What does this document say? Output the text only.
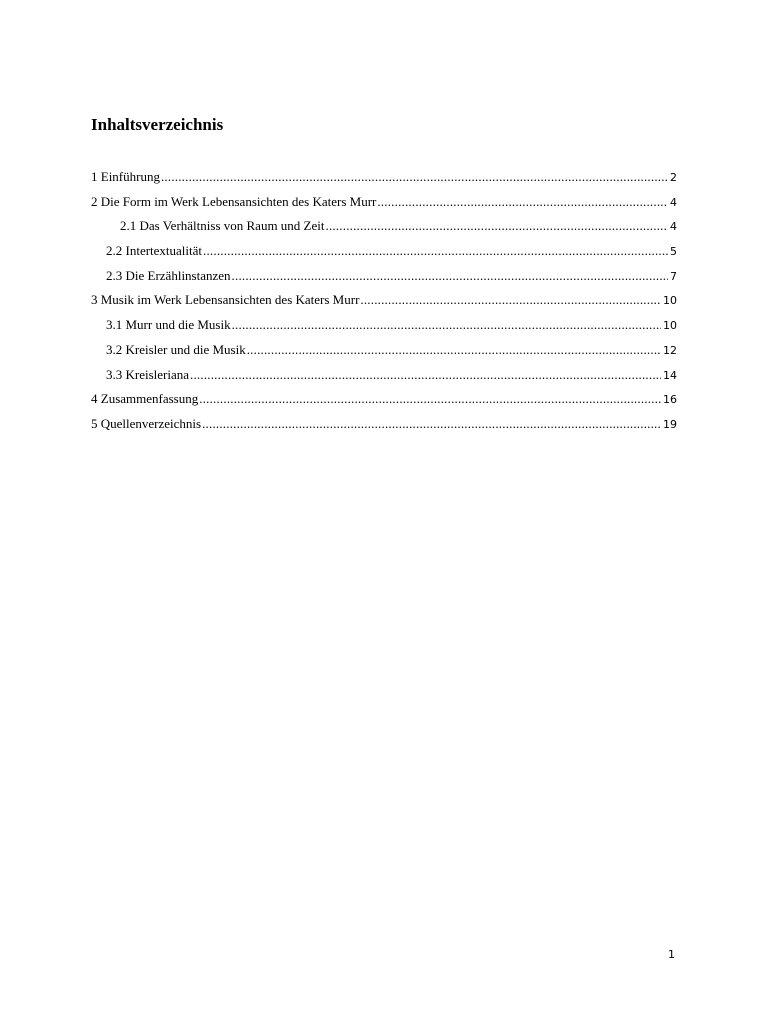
Inhaltsverzeichnis
1 Einführung .....	2
2 Die Form im Werk Lebensansichten des Katers Murr .....	4
2.1 Das Verhältniss von Raum und Zeit .....	4
2.2 Intertextualität .....	5
2.3 Die Erzählinstanzen .....	7
3 Musik im Werk Lebensansichten des Katers Murr .....	10
3.1 Murr und die Musik .....	10
3.2 Kreisler und die Musik .....	12
3.3 Kreisleriana .....	14
4 Zusammenfassung .....	16
5 Quellenverzeichnis .....	19
1
